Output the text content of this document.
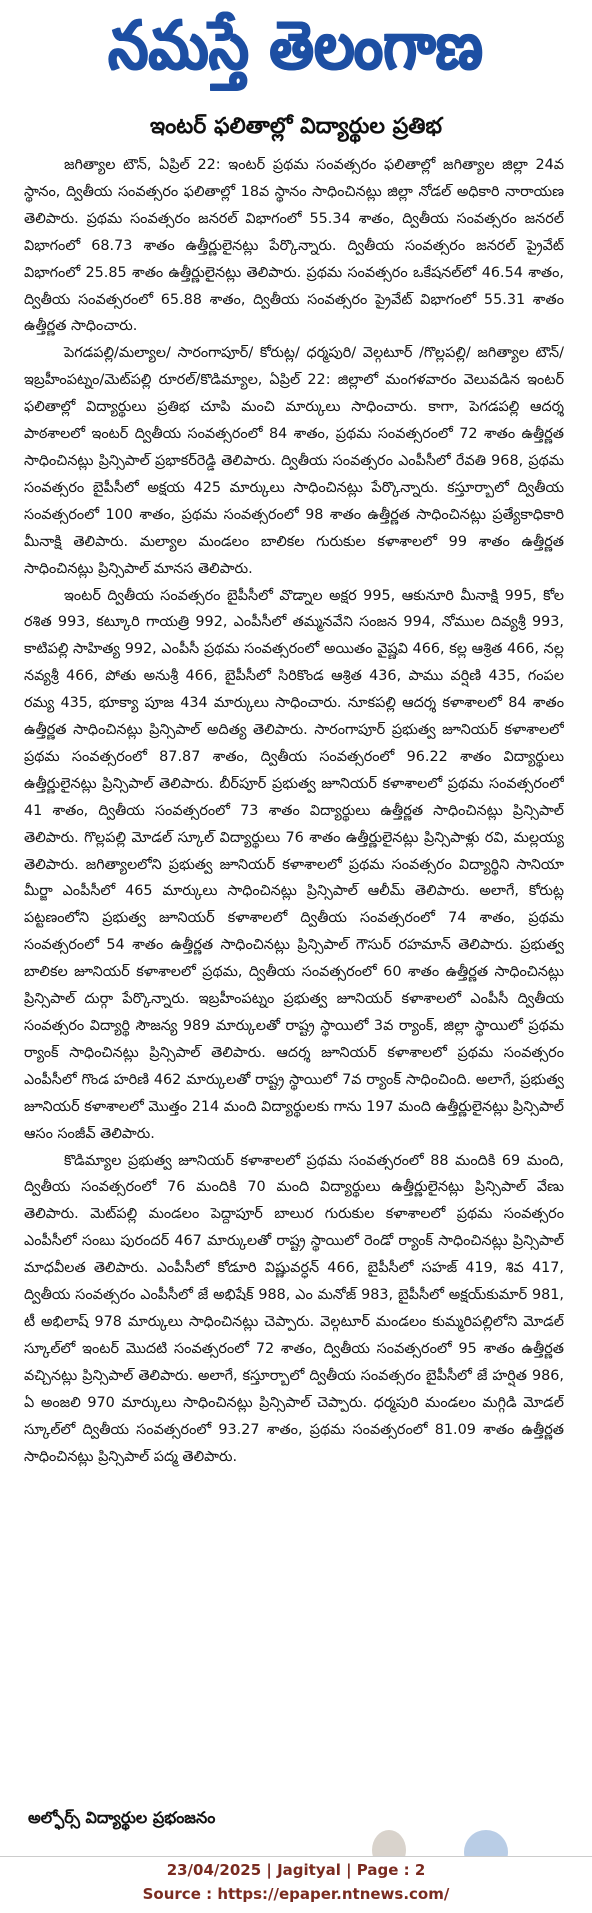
నమస్తే తెలంగాణ
ఇంటర్ ఫలితాల్లో విద్యార్థుల ప్రతిభ

జగిత్యాల టౌన్, ఏప్రిల్ 22: ఇంటర్ ప్రథమ సంవత్సరం ఫలితాల్లో జగిత్యాల జిల్లా 24వ స్థానం, ద్వితీయ సంవత్సరం ఫలితాల్లో 18వ స్థానం సాధించినట్లు జిల్లా నోడల్ అధికారి నారాయణ తెలిపారు. ప్రథమ సంవత్సరం జనరల్ విభాగంలో 55.34 శాతం, ద్వితీయ సంవత్సరం జనరల్ విభాగంలో 68.73 శాతం ఉత్తీర్ణులైనట్లు పేర్కొన్నారు. ద్వితీయ సంవత్సరం జనరల్ ప్రైవేట్ విభాగంలో 25.85 శాతం ఉత్తీర్ణులైనట్లు తెలిపారు. ప్రథమ సంవత్సరం ఒకేషనల్‌లో 46.54 శాతం, ద్వితీయ సంవత్సరంలో 65.88 శాతం, ద్వితీయ సంవత్సరం ప్రైవేట్ విభాగంలో 55.31 శాతం ఉత్తీర్ణత సాధించారు.

పెగడపల్లి/మల్యాల/ సారంగాపూర్/ కోరుట్ల/ ధర్మపురి/ వెల్గటూర్ /గొల్లపల్లి/ జగిత్యాల టౌన్/ఇబ్రహీంపట్నం/మెట్‌పల్లి రూరల్/కొడిమ్యాల, ఏప్రిల్ 22: జిల్లాలో మంగళవారం వెలువడిన ఇంటర్ ఫలితాల్లో విద్యార్థులు ప్రతిభ చూపి మంచి మార్కులు సాధించారు. కాగా, పెగడపల్లి ఆదర్శ పాఠశాలలో ఇంటర్ ద్వితీయ సంవత్సరంలో 84 శాతం, ప్రథమ సంవత్సరంలో 72 శాతం ఉత్తీర్ణత సాధించినట్లు ప్రిన్సిపాల్ ప్రభాకర్‌రెడ్డి తెలిపారు. ద్వితీయ సంవత్సరం ఎంపీసీలో రేవతి 968, ప్రథమ సంవత్సరం బైపీసీలో అక్షయ 425 మార్కులు సాధించినట్లు పేర్కొన్నారు. కస్తూర్బాలో ద్వితీయ సంవత్సరంలో 100 శాతం, ప్రథమ సంవత్సరంలో 98 శాతం ఉత్తీర్ణత సాధించినట్లు ప్రత్యేకాధికారి మీనాక్షి తెలిపారు. మల్యాల మండలం బాలికల గురుకుల కళాశాలలో 99 శాతం ఉత్తీర్ణత సాధించినట్లు ప్రిన్సిపాల్ మానస తెలిపారు.

ఇంటర్ ద్వితీయ సంవత్సరం బైపీసీలో వొడ్నాల అక్షర 995, ఆకునూరి మీనాక్షి 995, కోల రశిత 993, కట్కూరి గాయత్రి 992, ఎంపీసీలో తమ్మనవేని సంజన 994, నోముల దివ్యశ్రీ 993, కాటిపల్లి సాహిత్య 992, ఎంపీసీ ప్రథమ సంవత్సరంలో అయితం వైష్ణవి 466, కల్ల ఆశ్రిత 466, నల్ల నవ్యశ్రీ 466, పోతు అనుశ్రీ 466, బైపీసీలో సిరికొండ ఆశ్రిత 436, పాము వర్షిణి 435, గంపల రమ్య 435, భూక్యా పూజ 434 మార్కులు సాధించారు. నూకపల్లి ఆదర్శ కళాశాలలో 84 శాతం ఉత్తీర్ణత సాధించినట్లు ప్రిన్సిపాల్ అదిత్య తెలిపారు. సారంగాపూర్ ప్రభుత్వ జూనియర్ కళాశాలలో ప్రథమ సంవత్సరంలో 87.87 శాతం, ద్వితీయ సంవత్సరంలో 96.22 శాతం విద్యార్థులు ఉత్తీర్ణులైనట్లు ప్రిన్సిపాల్ తెలిపారు. బీర్‌పూర్ ప్రభుత్వ జూనియర్ కళాశాలలో ప్రథమ సంవత్సరంలో 41 శాతం, ద్వితీయ సంవత్సరంలో 73 శాతం విద్యార్థులు ఉత్తీర్ణత సాధించినట్లు ప్రిన్సిపాల్ తెలిపారు. గొల్లపల్లి మోడల్ స్కూల్ విద్యార్థులు 76 శాతం ఉత్తీర్ణులైనట్లు ప్రిన్సిపాళ్లు రవి, మల్లయ్య తెలిపారు. జగిత్యాలలోని ప్రభుత్వ జూనియర్ కళాశాలలో ప్రథమ సంవత్సరం విద్యార్థిని సానియా మీర్జా ఎంపీసీలో 465 మార్కులు సాధించినట్లు ప్రిన్సిపాల్ ఆలీమ్ తెలిపారు. అలాగే, కోరుట్ల పట్టణంలోని ప్రభుత్వ జూనియర్ కళాశాలలో ద్వితీయ సంవత్సరంలో 74 శాతం, ప్రథమ సంవత్సరంలో 54 శాతం ఉత్తీర్ణత సాధించినట్లు ప్రిన్సిపాల్ గౌసుర్ రహమాన్ తెలిపారు. ప్రభుత్వ బాలికల జూనియర్ కళాశాలలో ప్రథమ, ద్వితీయ సంవత్సరంలో 60 శాతం ఉత్తీర్ణత సాధించినట్లు ప్రిన్సిపాల్ దుర్గా పేర్కొన్నారు. ఇబ్రహీంపట్నం ప్రభుత్వ జూనియర్ కళాశాలలో ఎంపీసీ ద్వితీయ సంవత్సరం విద్యార్థి సౌజన్య 989 మార్కులతో రాష్ట్ర స్థాయిలో 3వ ర్యాంక్, జిల్లా స్థాయిలో ప్రథమ ర్యాంక్ సాధించినట్లు ప్రిన్సిపాల్ తెలిపారు. ఆదర్శ జూనియర్ కళాశాలలో ప్రథమ సంవత్సరం ఎంపీసీలో గొండ హరిణి 462 మార్కులతో రాష్ట్ర స్థాయిలో 7వ ర్యాంక్ సాధించింది. అలాగే, ప్రభుత్వ జూనియర్ కళాశాలలో మొత్తం 214 మంది విద్యార్థులకు గాను 197 మంది ఉత్తీర్ణులైనట్లు ప్రిన్సిపాల్ ఆసం సంజీవ్ తెలిపారు.

కొడిమ్యాల ప్రభుత్వ జూనియర్ కళాశాలలో ప్రథమ సంవత్సరంలో 88 మందికి 69 మంది, ద్వితీయ సంవత్సరంలో 76 మందికి 70 మంది విద్యార్థులు ఉత్తీర్ణులైనట్లు ప్రిన్సిపాల్ వేణు తెలిపారు. మెట్‌పల్లి మండలం పెద్దాపూర్ బాలుర గురుకుల కళాశాలలో ప్రథమ సంవత్సరం ఎంపీసీలో సంబు పురందర్ 467 మార్కులతో రాష్ట్ర స్థాయిలో రెండో ర్యాంక్ సాధించినట్లు ప్రిన్సిపాల్ మాధవీలత తెలిపారు. ఎంపీసీలో కోడూరి విష్ణువర్ధన్ 466, బైపీసీలో సహజ్ 419, శివ 417, ద్వితీయ సంవత్సరం ఎంపీసీలో జే అభిషేక్ 988, ఎం మనోజ్ 983, బైపీసీలో అక్షయ్‌కుమార్ 981, టీ అభిలాష్ 978 మార్కులు సాధించినట్లు చెప్పారు. వెల్గటూర్ మండలం కుమ్మరిపల్లిలోని మోడల్ స్కూల్‌లో ఇంటర్ మొదటి సంవత్సరంలో 72 శాతం, ద్వితీయ సంవత్సరంలో 95 శాతం ఉత్తీర్ణత వచ్చినట్లు ప్రిన్సిపాల్ తెలిపారు. అలాగే, కస్తూర్బాలో ద్వితీయ సంవత్సరం బైపీసీలో జే హర్షిత 986, ఏ అంజలి 970 మార్కులు సాధించినట్లు ప్రిన్సిపాల్ చెప్పారు. ధర్మపురి మండలం మగ్గిడి మోడల్ స్కూల్‌లో ద్వితీయ సంవత్సరంలో 93.27 శాతం, ప్రథమ సంవత్సరంలో 81.09 శాతం ఉత్తీర్ణత సాధించినట్లు ప్రిన్సిపాల్ పద్మ తెలిపారు.

అల్ఫోర్స్ విద్యార్థుల ప్రభంజనం
23/04/2025 | Jagityal | Page : 2
Source : https://epaper.ntnews.com/
